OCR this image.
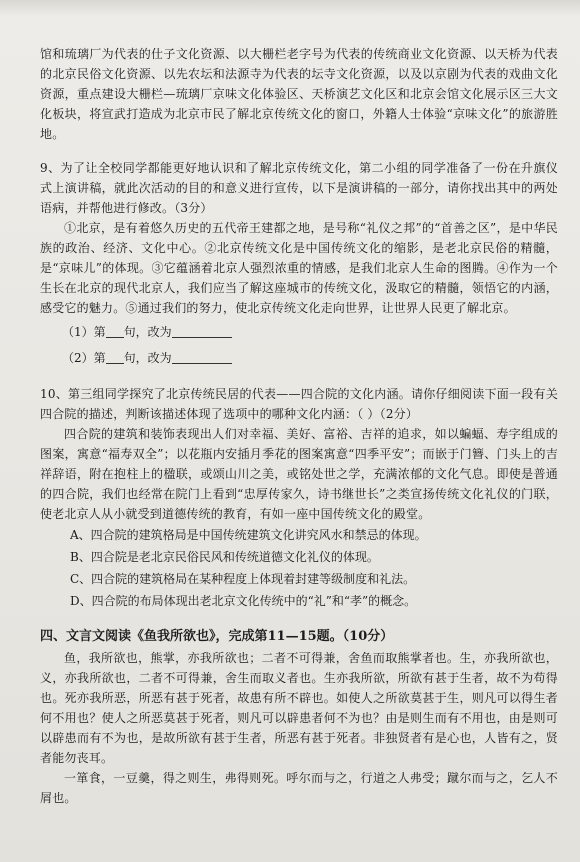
馆和琉璃厂为代表的仕子文化资源、以大栅栏老字号为代表的传统商业文化资源、以天桥为代表的北京民俗文化资源、以先农坛和法源寺为代表的坛寺文化资源，以及以京剧为代表的戏曲文化资源，重点建设大栅栏—琉璃厂京味文化体验区、天桥演艺文化区和北京会馆文化展示区三大文化板块，将宣武打造成为北京市民了解北京传统文化的窗口，外籍人士体验“京味文化”的旅游胜地。

9、为了让全校同学都能更好地认识和了解北京传统文化，第二小组的同学准备了一份在升旗仪式上演讲稿，就此次活动的目的和意义进行宣传，以下是演讲稿的一部分，请你找出其中的两处语病，并帮他进行修改。（3分）

①北京，是有着悠久历史的五代帝王建都之地，是号称“礼仪之邦”的“首善之区”，是中华民族的政治、经济、文化中心。②北京传统文化是中国传统文化的缩影，是老北京民俗的精髓，是“京味儿”的体现。③它蕴涵着北京人强烈浓重的情感，是我们北京人生命的图腾。④作为一个生长在北京的现代北京人，我们应当了解这座城市的传统文化，汲取它的精髓，领悟它的内涵，感受它的魅力。⑤通过我们的努力，使北京传统文化走向世界，让世界人民更了解北京。

（1）第 句，改为
（2）第 句，改为

10、第三组同学探究了北京传统民居的代表——四合院的文化内涵。请你仔细阅读下面一段有关四合院的描述，判断该描述体现了选项中的哪种文化内涵：（ ）（2分）

四合院的建筑和装饰表现出人们对幸福、美好、富裕、吉祥的追求，如以蝙蝠、寿字组成的图案，寓意“福寿双全”；以花瓶内安插月季花的图案寓意“四季平安”；而嵌于门簪、门头上的吉祥辞语，附在抱柱上的楹联，或颂山川之美，或铭处世之学，充满浓郁的文化气息。即使是普通的四合院，我们也经常在院门上看到“忠厚传家久，诗书继世长”之类宣扬传统文化礼仪的门联，使老北京人从小就受到道德传统的教育，有如一座中国传统文化的殿堂。

A、四合院的建筑格局是中国传统建筑文化讲究风水和禁忌的体现。

B、四合院是老北京民俗民风和传统道德文化礼仪的体现。

C、四合院的建筑格局在某种程度上体现着封建等级制度和礼法。

D、四合院的布局体现出老北京文化传统中的“礼”和“孝”的概念。

四、文言文阅读《鱼我所欲也》，完成第11—15题。（10分）

鱼，我所欲也，熊掌，亦我所欲也；二者不可得兼，舍鱼而取熊掌者也。生，亦我所欲也，义，亦我所欲也，二者不可得兼，舍生而取义者也。生亦我所欲，所欲有甚于生者，故不为苟得也。死亦我所恶，所恶有甚于死者，故患有所不辟也。如使人之所欲莫甚于生，则凡可以得生者何不用也？使人之所恶莫甚于死者，则凡可以辟患者何不为也？由是则生而有不用也，由是则可以辟患而有不为也，是故所欲有甚于生者，所恶有甚于死者。非独贤者有是心也，人皆有之，贤者能勿丧耳。

一箪食，一豆羹，得之则生，弗得则死。呼尔而与之，行道之人弗受；蹴尔而与之，乞人不屑也。
